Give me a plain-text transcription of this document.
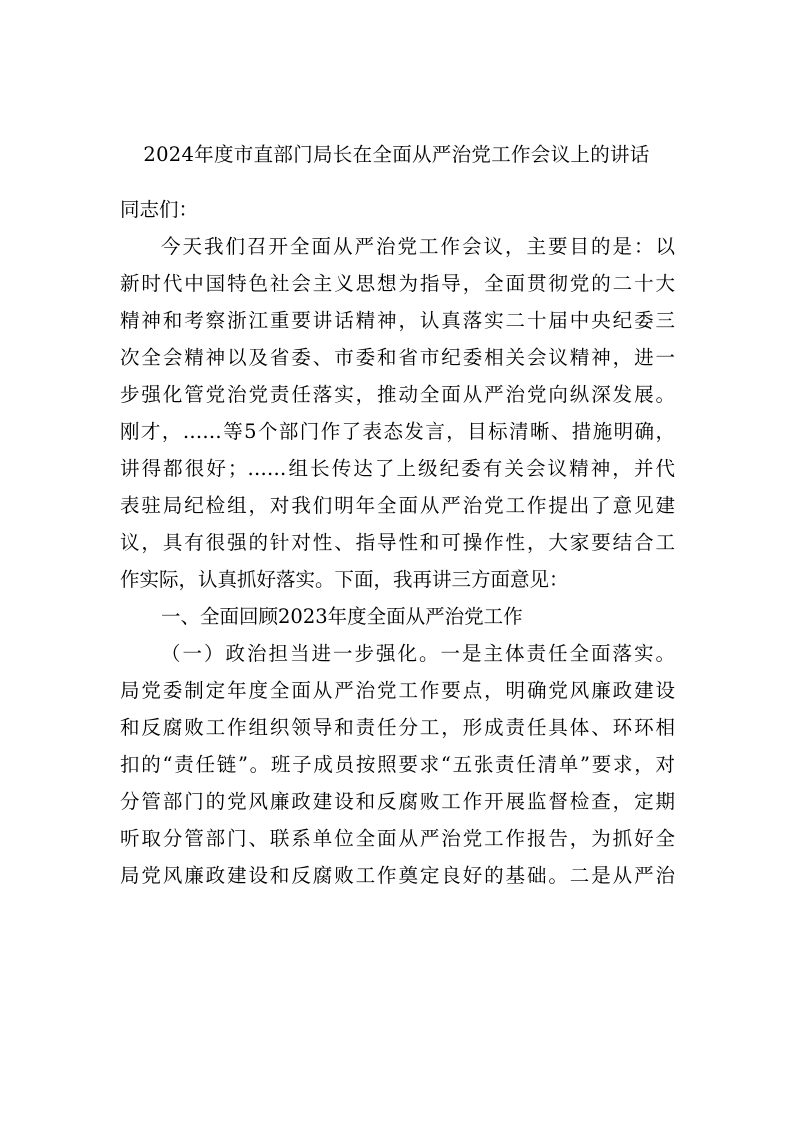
2024年度市直部门局长在全面从严治党工作会议上的讲话
同志们：
今天我们召开全面从严治党工作会议，主要目的是：以
新时代中国特色社会主义思想为指导，全面贯彻党的二十大
精神和考察浙江重要讲话精神，认真落实二十届中央纪委三
次全会精神以及省委、市委和省市纪委相关会议精神，进一
步强化管党治党责任落实，推动全面从严治党向纵深发展。
刚才，……等5个部门作了表态发言，目标清晰、措施明确，
讲得都很好；……组长传达了上级纪委有关会议精神，并代
表驻局纪检组，对我们明年全面从严治党工作提出了意见建
议，具有很强的针对性、指导性和可操作性，大家要结合工
作实际，认真抓好落实。下面，我再讲三方面意见：
一、全面回顾2023年度全面从严治党工作
（一）政治担当进一步强化。一是主体责任全面落实。
局党委制定年度全面从严治党工作要点，明确党风廉政建设
和反腐败工作组织领导和责任分工，形成责任具体、环环相
扣的“责任链”。班子成员按照要求“五张责任清单”要求，对
分管部门的党风廉政建设和反腐败工作开展监督检查，定期
听取分管部门、联系单位全面从严治党工作报告，为抓好全
局党风廉政建设和反腐败工作奠定良好的基础。二是从严治
